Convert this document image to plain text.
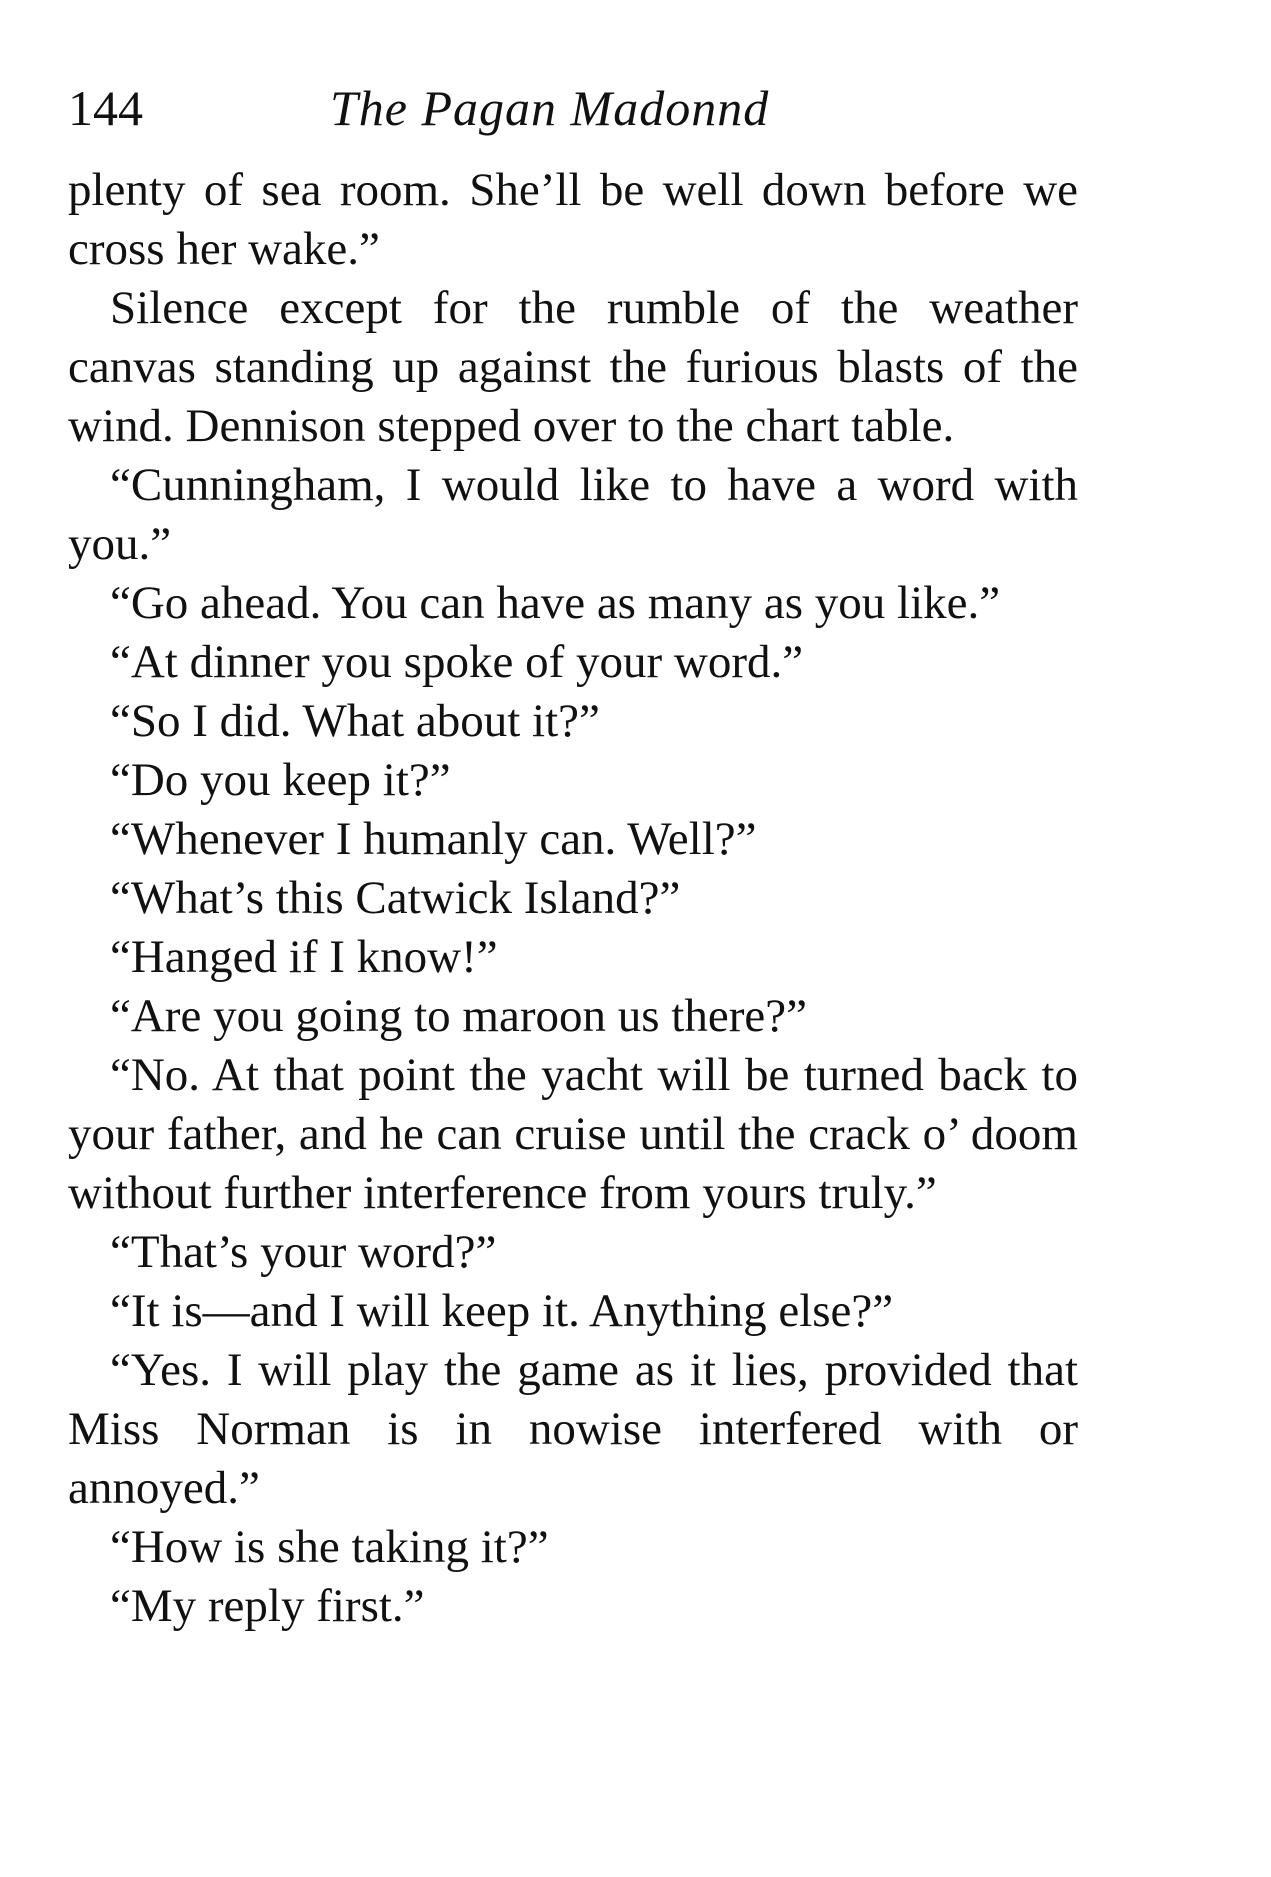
144	The Pagan Madonnd

plenty of sea room. She’ll be well down before we cross her wake.”

Silence except for the rumble of the weather canvas standing up against the furious blasts of the wind. Dennison stepped over to the chart table.

“Cunningham, I would like to have a word with you.”

“Go ahead. You can have as many as you like.”

“At dinner you spoke of your word.”

“So I did. What about it?”

“Do you keep it?”

“Whenever I humanly can. Well?”

“What’s this Catwick Island?”

“Hanged if I know!”

“Are you going to maroon us there?”

“No. At that point the yacht will be turned back to your father, and he can cruise until the crack o’ doom without further interference from yours truly.”

“That’s your word?”

“It is—and I will keep it. Anything else?”

“Yes. I will play the game as it lies, provided that Miss Norman is in nowise interfered with or annoyed.”

“How is she taking it?”

“My reply first.”
